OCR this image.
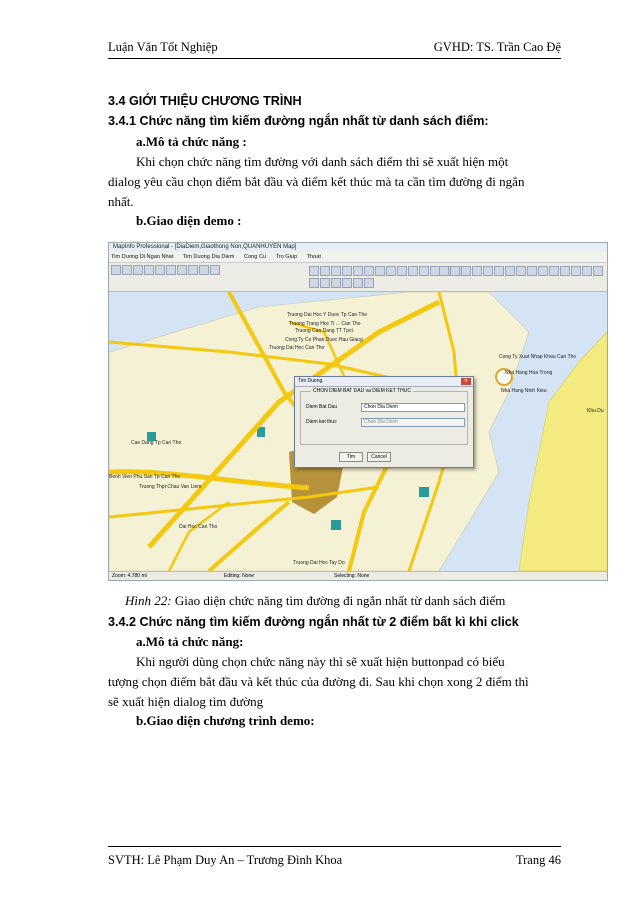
Luận Văn Tốt Nghiệp	GVHD: TS. Trần Cao Đệ
3.4 GIỚI THIỆU CHƯƠNG TRÌNH
3.4.1 Chức năng tìm kiếm đường ngắn nhất từ danh sách điểm:
a.Mô tả chức năng :
Khi chọn chức năng tìm đường với danh sách điểm thì sẽ xuất hiện một
dialog yêu cầu chọn điểm bắt đầu và điểm kết thúc mà ta cần tìm đường đi ngắn
nhất.
b.Giao diện demo :
MapInfo Professional - [DiaDiem,Giaothong Non,QUANHUYEN Map]
Tim Duong Di Ngan Nhat Tim Duong Dia Diem Cong Cu Tro Giup Thoat
Truong Dai Hoc Y Duoc Tp Can Tho
Truong Trung Hoc Ti ... Can Tho
Truong Cao Dang TT Tpct
Cong Ty Co Phan Duoc Hau Giang
Truong Dai Hoc Can Tho
Cong Ty Xuat Nhap Khau Can Tho
Nha Hang Hoa Trong
Nha Hang Ninh Kieu
Khu Du
Cao Dang Tp Can Tho
Benh Vien Phu San Tp Can Tho
Truong Thpt Chau Van Liem
Dai Hoc Can Tho
Truong Dai Hoc Tay Do
Tim Duong	✕
CHON DIEM BAT DAU va DIEM KET THUC
Diem Bat Dau	Chon Dia Diem
Diem ket thuc	Chon Dia Diem
Tim	Cancel
Zoom: 4.780 mi	Editing: None	Selecting: None
Hình 22: Giao diện chức năng tìm đường đi ngắn nhất từ danh sách điểm
3.4.2 Chức năng tìm kiếm đường ngắn nhất từ 2 điểm bất kì khi click
a.Mô tả chức năng:
Khi người dùng chọn chức năng này thì sẽ xuất hiện buttonpad có biểu
tượng chọn điểm bắt đầu và kết thúc của đường đi. Sau khi chọn xong 2 điểm thì
sẽ xuất hiện dialog tìm đường
b.Giao diện chương trình demo:
SVTH: Lê Phạm Duy An – Trương Đình Khoa	Trang 46
